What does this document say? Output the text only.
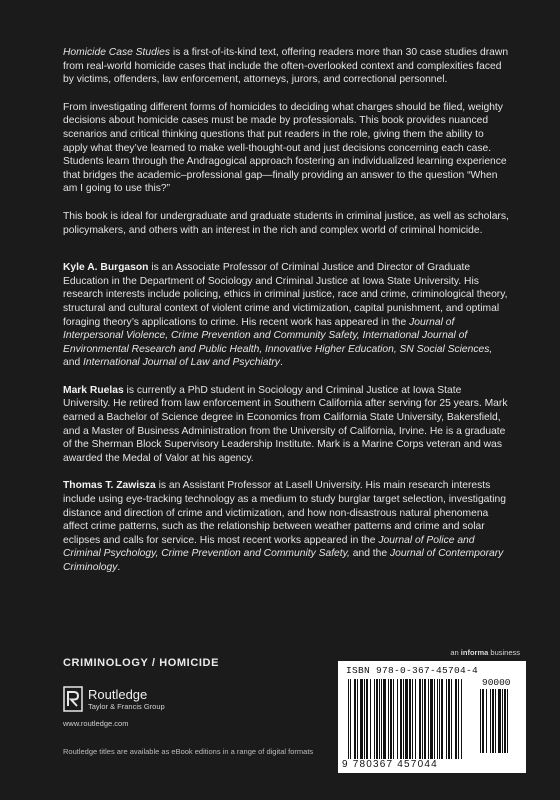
Homicide Case Studies is a first-of-its-kind text, offering readers more than 30 case studies drawn from real-world homicide cases that include the often-overlooked context and complexities faced by victims, offenders, law enforcement, attorneys, jurors, and correctional personnel.

From investigating different forms of homicides to deciding what charges should be filed, weighty decisions about homicide cases must be made by professionals. This book provides nuanced scenarios and critical thinking questions that put readers in the role, giving them the ability to apply what they’ve learned to make well-thought-out and just decisions concerning each case. Students learn through the Andragogical approach fostering an individualized learning experience that bridges the academic–professional gap—finally providing an answer to the question “When am I going to use this?”

This book is ideal for undergraduate and graduate students in criminal justice, as well as scholars, policymakers, and others with an interest in the rich and complex world of criminal homicide.

Kyle A. Burgason is an Associate Professor of Criminal Justice and Director of Graduate Education in the Department of Sociology and Criminal Justice at Iowa State University. His research interests include policing, ethics in criminal justice, race and crime, criminological theory, structural and cultural context of violent crime and victimization, capital punishment, and optimal foraging theory’s applications to crime. His recent work has appeared in the Journal of Interpersonal Violence, Crime Prevention and Community Safety, International Journal of Environmental Research and Public Health, Innovative Higher Education, SN Social Sciences, and International Journal of Law and Psychiatry.

Mark Ruelas is currently a PhD student in Sociology and Criminal Justice at Iowa State University. He retired from law enforcement in Southern California after serving for 25 years. Mark earned a Bachelor of Science degree in Economics from California State University, Bakersfield, and a Master of Business Administration from the University of California, Irvine. He is a graduate of the Sherman Block Supervisory Leadership Institute. Mark is a Marine Corps veteran and was awarded the Medal of Valor at his agency.

Thomas T. Zawisza is an Assistant Professor at Lasell University. His main research interests include using eye-tracking technology as a medium to study burglar target selection, investigating distance and direction of crime and victimization, and how non-disastrous natural phenomena affect crime patterns, such as the relationship between weather patterns and crime and solar eclipses and calls for service. His most recent works appeared in the Journal of Police and Criminal Psychology, Crime Prevention and Community Safety, and the Journal of Contemporary Criminology.

CRIMINOLOGY / HOMICIDE
Routledge
Taylor & Francis Group
www.routledge.com
Routledge titles are available as eBook editions in a range of digital formats
an informa business
ISBN 978-0-367-45704-4
90000
9 780367 457044
